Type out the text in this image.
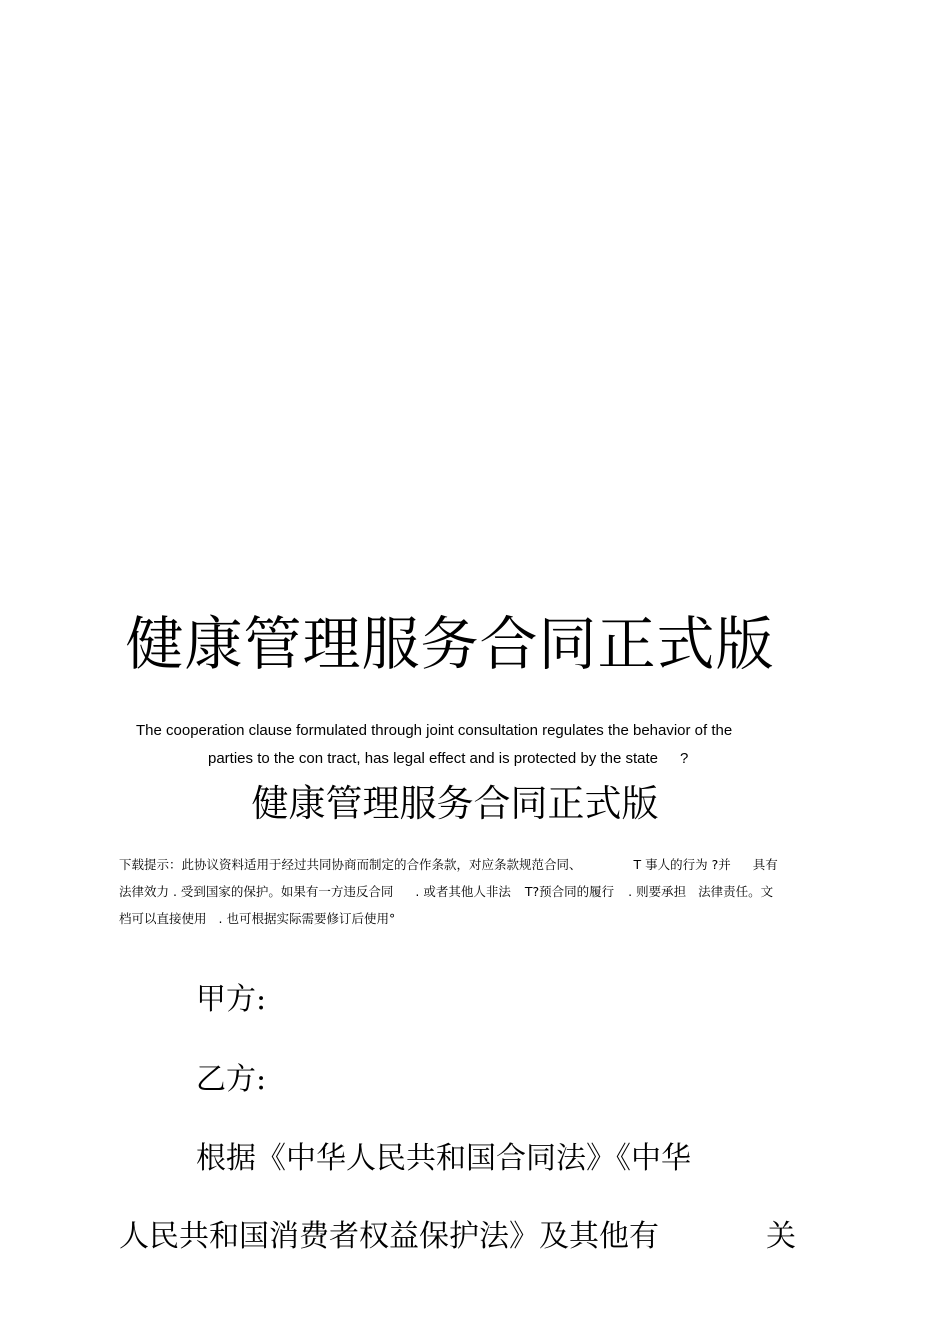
健康管理服务合同正式版
The cooperation clause formulated through joint consultation regulates the behavior of the
parties to the con tract, has legal effect and is protected by the state ?
健康管理服务合同正式版
下载提示：此协议资料适用于经过共同协商而制定的合作条款，对应条款规范合同、	T 事人的行为 ?并 具有
法律效力 . 受到国家的保护。如果有一方违反合同 . 或者其他人非法 T?预合同的履行 . 则要承担 法律责任。文
档可以直接使用 . 也可根据实际需要修订后使用°
甲方:
乙方:
根据《中华人民共和国合同法》《中华
人民共和国消费者权益保护法》及其他有	关
